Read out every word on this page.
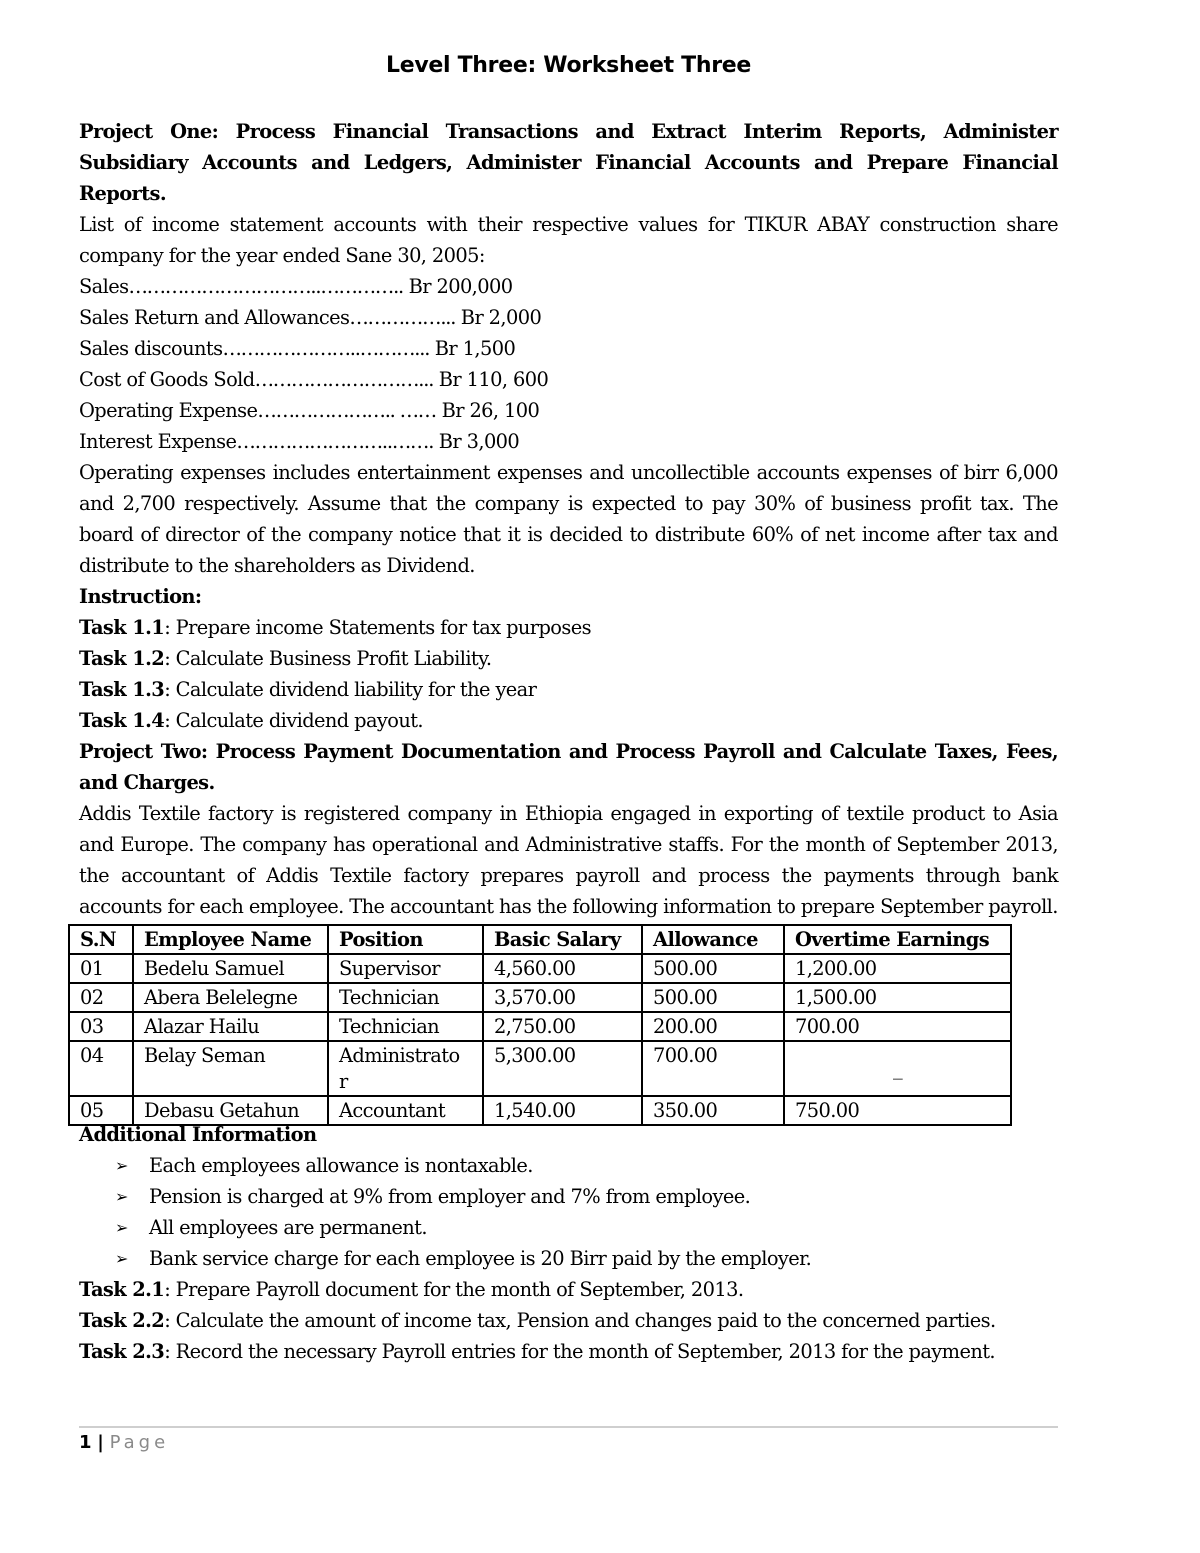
Level Three: Worksheet Three

Project One: Process Financial Transactions and Extract Interim Reports, Administer Subsidiary Accounts and Ledgers, Administer Financial Accounts and Prepare Financial Reports.

List of income statement accounts with their respective values for TIKUR ABAY construction share company for the year ended Sane 30, 2005:

Sales…………………………..………….. Br 200,000

Sales Return and Allowances……………... Br 2,000

Sales discounts…………………..………... Br 1,500

Cost of Goods Sold………………………... Br 110, 600

Operating Expense………………….. …… Br 26, 100

Interest Expense……………………..……. Br 3,000

Operating expenses includes entertainment expenses and uncollectible accounts expenses of birr 6,000 and 2,700 respectively. Assume that the company is expected to pay 30% of business profit tax. The board of director of the company notice that it is decided to distribute 60% of net income after tax and distribute to the shareholders as Dividend.

Instruction:

Task 1.1: Prepare income Statements for tax purposes

Task 1.2: Calculate Business Profit Liability.

Task 1.3: Calculate dividend liability for the year

Task 1.4: Calculate dividend payout.

Project Two: Process Payment Documentation and Process Payroll and Calculate Taxes, Fees, and Charges.

Addis Textile factory is registered company in Ethiopia engaged in exporting of textile product to Asia and Europe. The company has operational and Administrative staffs. For the month of September 2013, the accountant of Addis Textile factory prepares payroll and process the payments through bank accounts for each employee. The accountant has the following information to prepare September payroll.

Additional Information

➢ Each employees allowance is nontaxable.
➢ Pension is charged at 9% from employer and 7% from employee.
➢ All employees are permanent.
➢ Bank service charge for each employee is 20 Birr paid by the employer.

Task 2.1: Prepare Payroll document for the month of September, 2013.

Task 2.2: Calculate the amount of income tax, Pension and changes paid to the concerned parties.

Task 2.3: Record the necessary Payroll entries for the month of September, 2013 for the payment.

S.N	Employee Name	Position	Basic Salary	Allowance	Overtime Earnings
01	Bedelu Samuel	Supervisor	4,560.00	500.00	1,200.00
02	Abera Belelegne	Technician	3,570.00	500.00	1,500.00
03	Alazar Hailu	Technician	2,750.00	200.00	700.00
04	Belay Seman	Administrato r	5,300.00	700.00	_
05	Debasu Getahun	Accountant	1,540.00	350.00	750.00
1 | Page
